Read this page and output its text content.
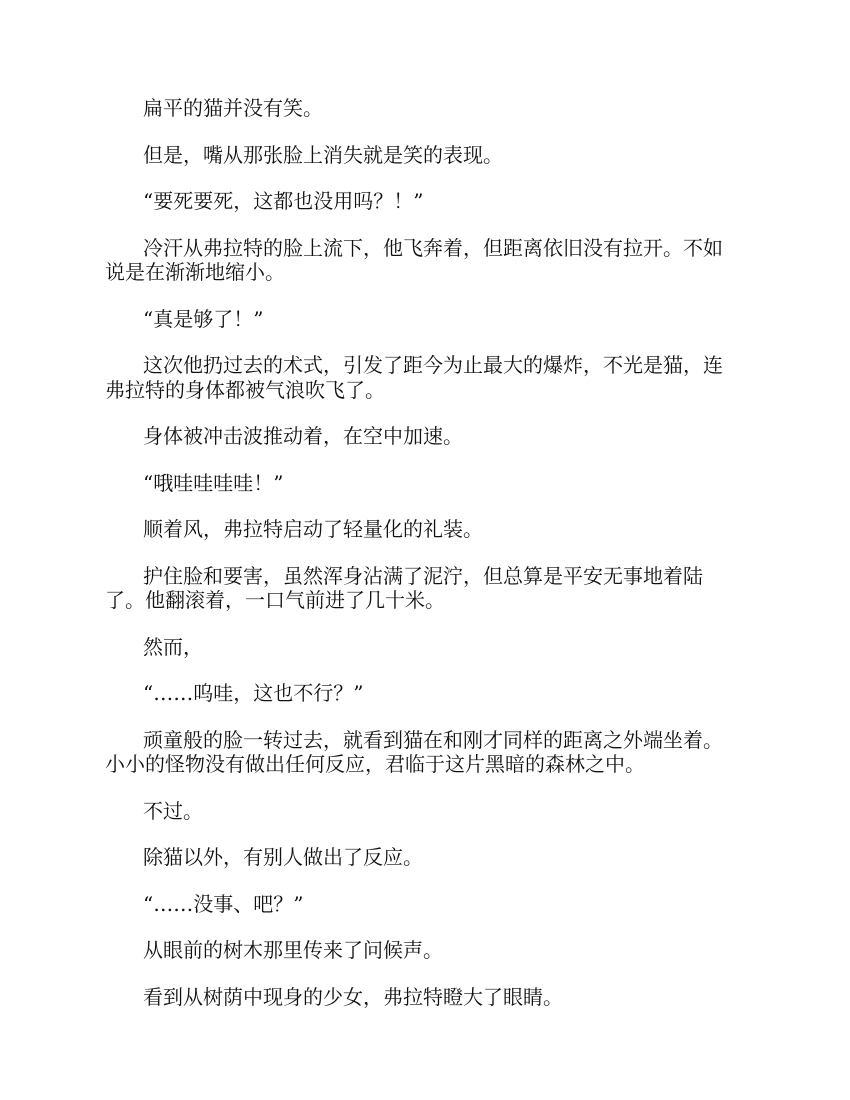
扁平的猫并没有笑。
但是，嘴从那张脸上消失就是笑的表现。
“要死要死，这都也没用吗？！”
冷汗从弗拉特的脸上流下，他飞奔着，但距离依旧没有拉开。不如
说是在渐渐地缩小。
“真是够了！”
这次他扔过去的术式，引发了距今为止最大的爆炸，不光是猫，连
弗拉特的身体都被气浪吹飞了。
身体被冲击波推动着，在空中加速。
“哦哇哇哇哇！”
顺着风，弗拉特启动了轻量化的礼装。
护住脸和要害，虽然浑身沾满了泥泞，但总算是平安无事地着陆
了。他翻滚着，一口气前进了几十米。
然而，
“……呜哇，这也不行？”
顽童般的脸一转过去，就看到猫在和刚才同样的距离之外端坐着。
小小的怪物没有做出任何反应，君临于这片黑暗的森林之中。
不过。
除猫以外，有别人做出了反应。
“……没事、吧？”
从眼前的树木那里传来了问候声。
看到从树荫中现身的少女，弗拉特瞪大了眼睛。
